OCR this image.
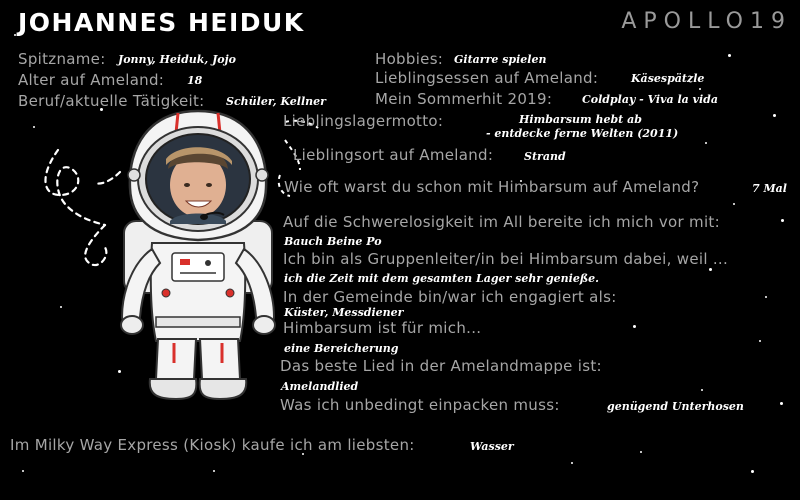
JOHANNES HEIDUK	APOLLO19
Spitzname: Jonny, Heiduk, Jojo
Alter auf Ameland: 18
Beruf/aktuelle Tätigkeit: Schüler, Kellner
Hobbies: Gitarre spielen
Lieblingsessen auf Ameland:	Käsespätzle
Mein Sommerhit 2019:	Coldplay - Viva la vida
Lieblingslagermotto:	Himbarsum hebt ab
- entdecke ferne Welten (2011)
Lieblingsort auf Ameland:	Strand
Wie oft warst du schon mit Himbarsum auf Ameland?	7 Mal
Auf die Schwerelosigkeit im All bereite ich mich vor mit:
Bauch Beine Po
Ich bin als Gruppenleiter/in bei Himbarsum dabei, weil ...
ich die Zeit mit dem gesamten Lager sehr genieße.
In der Gemeinde bin/war ich engagiert als:
Küster, Messdiener
Himbarsum ist für mich...
eine Bereicherung
Das beste Lied in der Amelandmappe ist:
Amelandlied
Was ich unbedingt einpacken muss:	genügend Unterhosen
Im Milky Way Express (Kiosk) kaufe ich am liebsten:	Wasser
